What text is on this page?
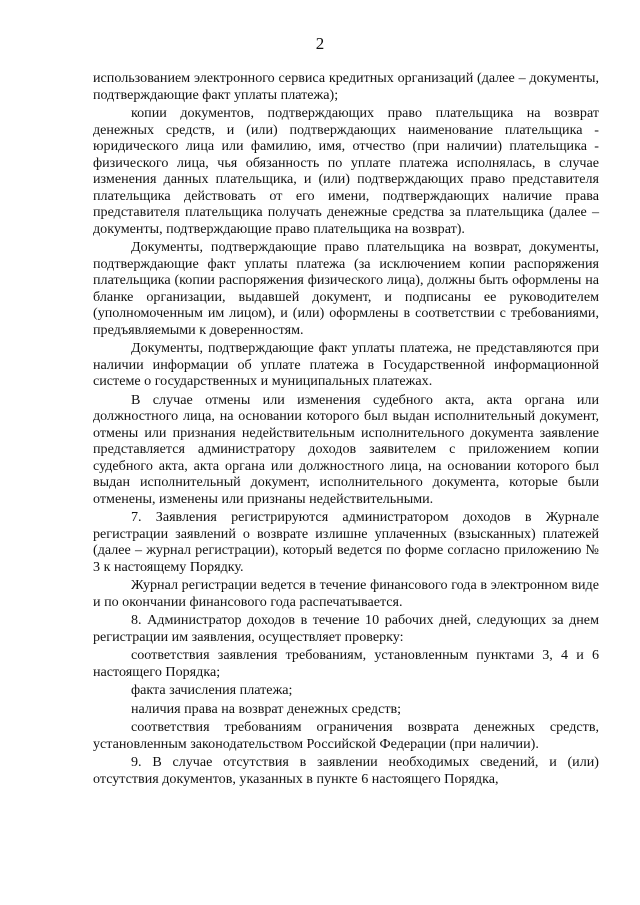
2

использованием электронного сервиса кредитных организаций (далее – документы, подтверждающие факт уплаты платежа);

копии документов, подтверждающих право плательщика на возврат денежных средств, и (или) подтверждающих наименование плательщика - юридического лица или фамилию, имя, отчество (при наличии) плательщика - физического лица, чья обязанность по уплате платежа исполнялась, в случае изменения данных плательщика, и (или) подтверждающих право представителя плательщика действовать от его имени, подтверждающих наличие права представителя плательщика получать денежные средства за плательщика (далее – документы, подтверждающие право плательщика на возврат).

Документы, подтверждающие право плательщика на возврат, документы, подтверждающие факт уплаты платежа (за исключением копии распоряжения плательщика (копии распоряжения физического лица), должны быть оформлены на бланке организации, выдавшей документ, и подписаны ее руководителем (уполномоченным им лицом), и (или) оформлены в соответствии с требованиями, предъявляемыми к доверенностям.

Документы, подтверждающие факт уплаты платежа, не представляются при наличии информации об уплате платежа в Государственной информационной системе о государственных и муниципальных платежах.

В случае отмены или изменения судебного акта, акта органа или должностного лица, на основании которого был выдан исполнительный документ, отмены или признания недействительным исполнительного документа заявление представляется администратору доходов заявителем с приложением копии судебного акта, акта органа или должностного лица, на основании которого был выдан исполнительный документ, исполнительного документа, которые были отменены, изменены или признаны недействительными.

7. Заявления регистрируются администратором доходов в Журнале регистрации заявлений о возврате излишне уплаченных (взысканных) платежей (далее – журнал регистрации), который ведется по форме согласно приложению № 3 к настоящему Порядку.

Журнал регистрации ведется в течение финансового года в электронном виде и по окончании финансового года распечатывается.

8. Администратор доходов в течение 10 рабочих дней, следующих за днем регистрации им заявления, осуществляет проверку:

соответствия заявления требованиям, установленным пунктами 3, 4 и 6 настоящего Порядка;

факта зачисления платежа;

наличия права на возврат денежных средств;

соответствия требованиям ограничения возврата денежных средств, установленным законодательством Российской Федерации (при наличии).

9. В случае отсутствия в заявлении необходимых сведений, и (или) отсутствия документов, указанных в пункте 6 настоящего Порядка,
